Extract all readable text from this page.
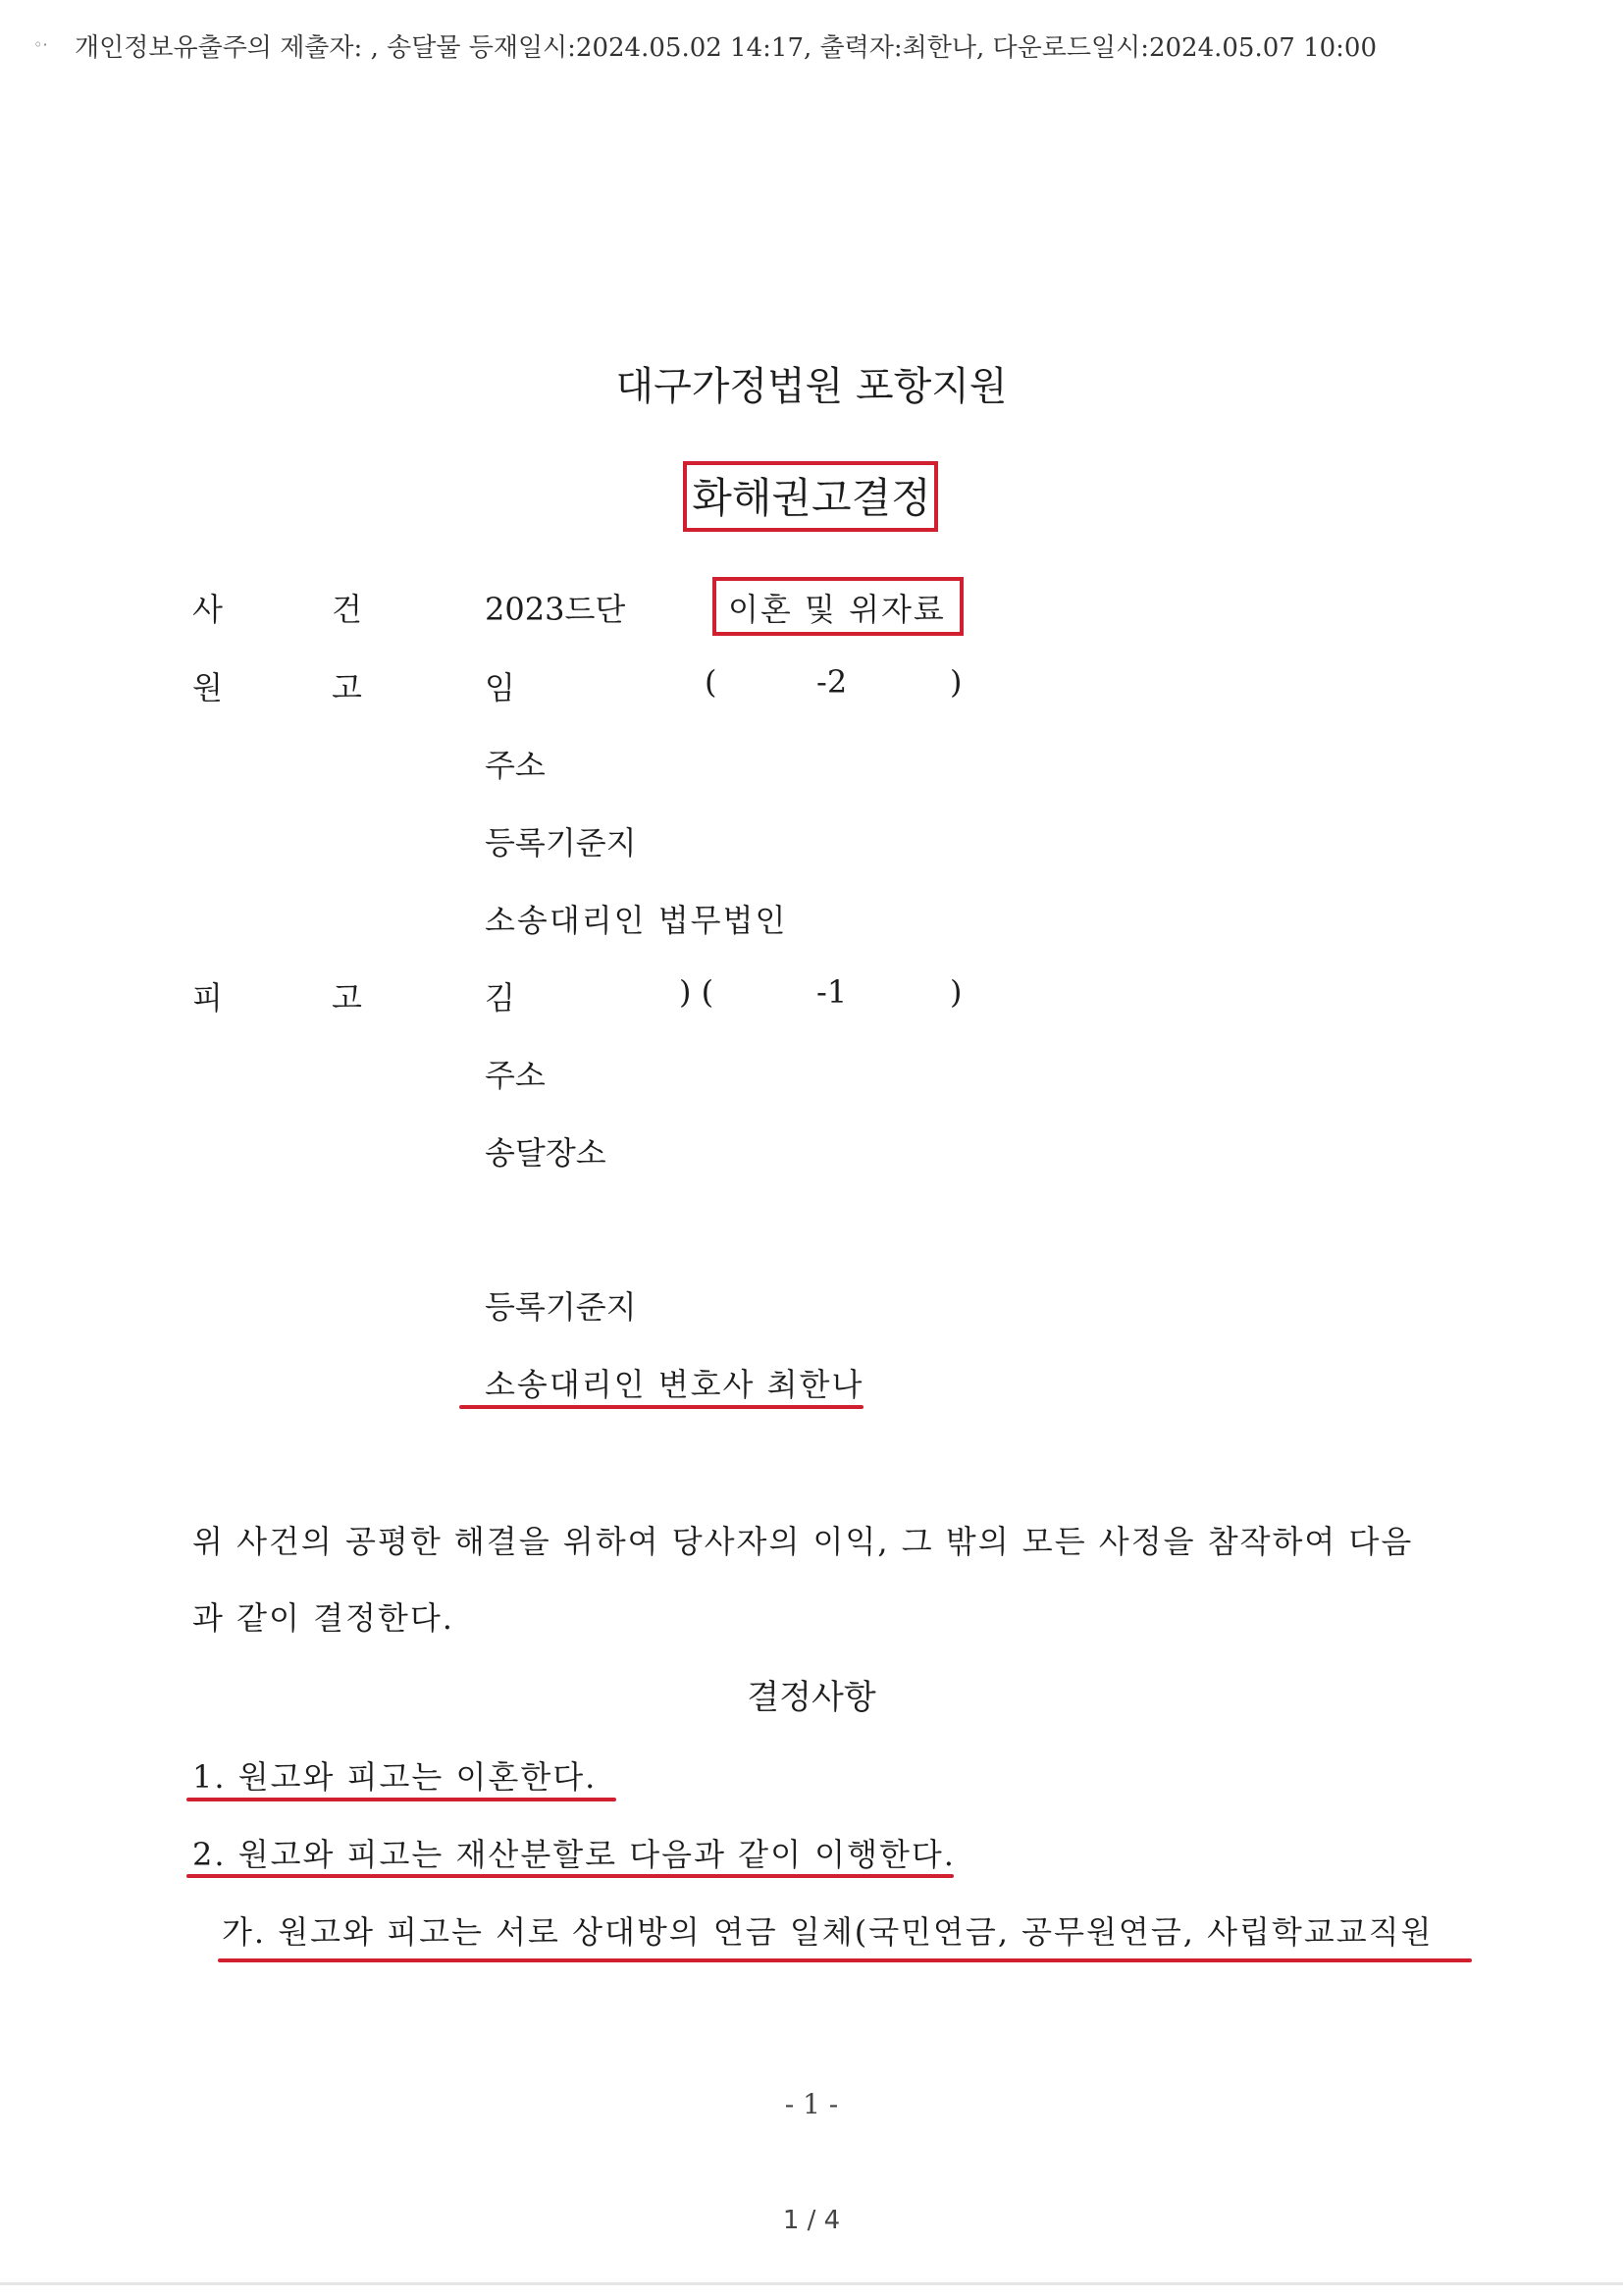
◦· 개인정보유출주의 제출자: , 송달물 등재일시:2024.05.02 14:17, 출력자:최한나, 다운로드일시:2024.05.07 10:00
대구가정법원 포항지원
화해권고결정
사	건	2023드단	이혼 및 위자료
원	고	임	(	-2	)
주소
등록기준지
소송대리인 법무법인
피	고	김	) (	-1	)
주소
송달장소
등록기준지
소송대리인 변호사 최한나
위 사건의 공평한 해결을 위하여 당사자의 이익, 그 밖의 모든 사정을 참작하여 다음
과 같이 결정한다.
결정사항
1. 원고와 피고는 이혼한다.
2. 원고와 피고는 재산분할로 다음과 같이 이행한다.
가. 원고와 피고는 서로 상대방의 연금 일체(국민연금, 공무원연금, 사립학교교직원
- 1 -
1 / 4
